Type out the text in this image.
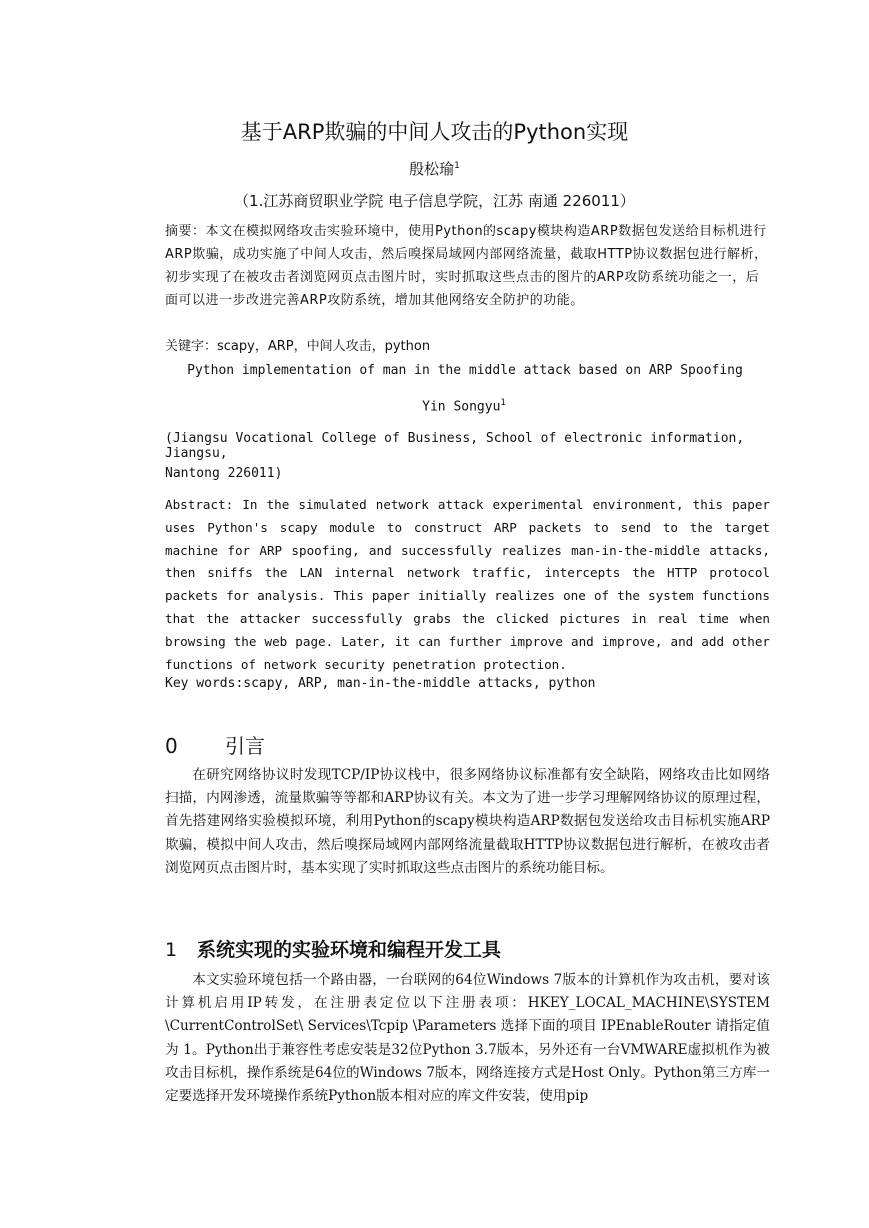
基于ARP欺骗的中间人攻击的Python实现
殷松瑜$^1$
（1.江苏商贸职业学院 电子信息学院，江苏 南通 226011）
摘要：本文在模拟网络攻击实验环境中，使用Python的scapy模块构造ARP数据包发送给目标机进行ARP欺骗，成功实施了中间人攻击，然后嗅探局域网内部网络流量，截取HTTP协议数据包进行解析，初步实现了在被攻击者浏览网页点击图片时，实时抓取这些点击的图片的ARP攻防系统功能之一，后面可以进一步改进完善ARP攻防系统，增加其他网络安全防护的功能。
关键字：scapy，ARP，中间人攻击，python
Python implementation of man in the middle attack based on ARP Spoofing
Yin Songyu$^1$
(Jiangsu Vocational College of Business, School of electronic information, Jiangsu,
Nantong 226011)
Abstract: In the simulated network attack experimental environment, this paper uses Python's scapy module to construct ARP packets to send to the target machine for ARP spoofing, and successfully realizes man-in-the-middle attacks, then sniffs the LAN internal network traffic, intercepts the HTTP protocol packets for analysis. This paper initially realizes one of the system functions that the attacker successfully grabs the clicked pictures in real time when browsing the web page. Later, it can further improve and improve, and add other functions of network security penetration protection.
Key words:scapy, ARP, man-in-the-middle attacks, python
0 引言
在研究网络协议时发现TCP/IP协议栈中，很多网络协议标准都有安全缺陷，网络攻击比如网络扫描，内网渗透，流量欺骗等等都和ARP协议有关。本文为了进一步学习理解网络协议的原理过程，首先搭建网络实验模拟环境，利用Python的scapy模块构造ARP数据包发送给攻击目标机实施ARP欺骗，模拟中间人攻击，然后嗅探局域网内部网络流量截取HTTP协议数据包进行解析，在被攻击者浏览网页点击图片时，基本实现了实时抓取这些点击图片的系统功能目标。
1 系统实现的实验环境和编程开发工具
本文实验环境包括一个路由器，一台联网的64位Windows 7版本的计算机作为攻击机，要对该计算机启用IP转发，在注册表定位以下注册表项：HKEY_LOCAL_MACHINE\SYSTEM \CurrentControlSet\ Services\Tcpip \Parameters 选择下面的项目 IPEnableRouter 请指定值为 1。Python出于兼容性考虑安装是32位Python 3.7版本，另外还有一台VMWARE虚拟机作为被攻击目标机，操作系统是64位的Windows 7版本，网络连接方式是Host Only。Python第三方库一定要选择开发环境操作系统Python版本相对应的库文件安装，使用pip
